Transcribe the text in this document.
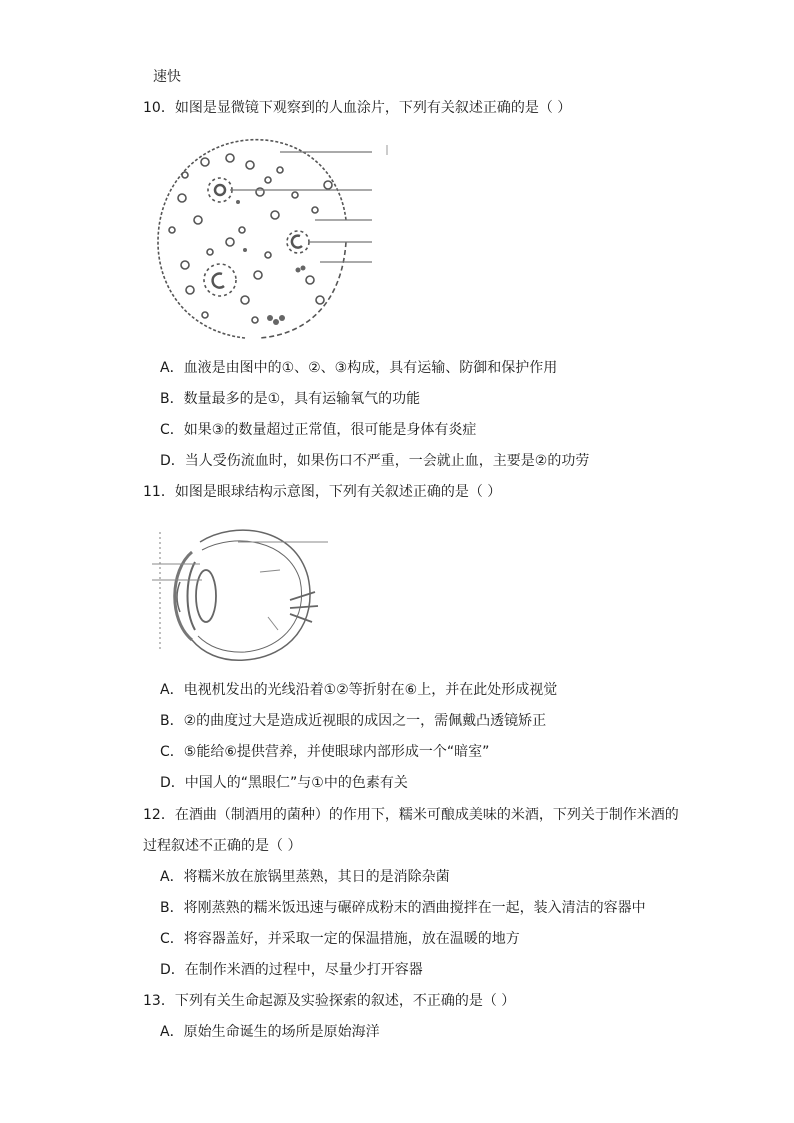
速快
10．如图是显微镜下观察到的人血涂片，下列有关叙述正确的是（ ）
A．血液是由图中的①、②、③构成，具有运输、防御和保护作用
B．数量最多的是①，具有运输氧气的功能
C．如果③的数量超过正常值，很可能是身体有炎症
D．当人受伤流血时，如果伤口不严重，一会就止血，主要是②的功劳
11．如图是眼球结构示意图，下列有关叙述正确的是（ ）
A．电视机发出的光线沿着①②等折射在⑥上，并在此处形成视觉
B．②的曲度过大是造成近视眼的成因之一，需佩戴凸透镜矫正
C．⑤能给⑥提供营养，并使眼球内部形成一个“暗室”
D．中国人的“黑眼仁”与①中的色素有关
12．在酒曲（制酒用的菌种）的作用下，糯米可酿成美味的米酒，下列关于制作米酒的
过程叙述不正确的是（ ）
A．将糯米放在旅锅里蒸熟，其日的是消除杂菌
B．将刚蒸熟的糯米饭迅速与碾碎成粉末的酒曲搅拌在一起，装入清洁的容器中
C．将容器盖好，并采取一定的保温措施，放在温暖的地方
D．在制作米酒的过程中，尽量少打开容器
13．下列有关生命起源及实验探索的叙述，不正确的是（ ）
A．原始生命诞生的场所是原始海洋
